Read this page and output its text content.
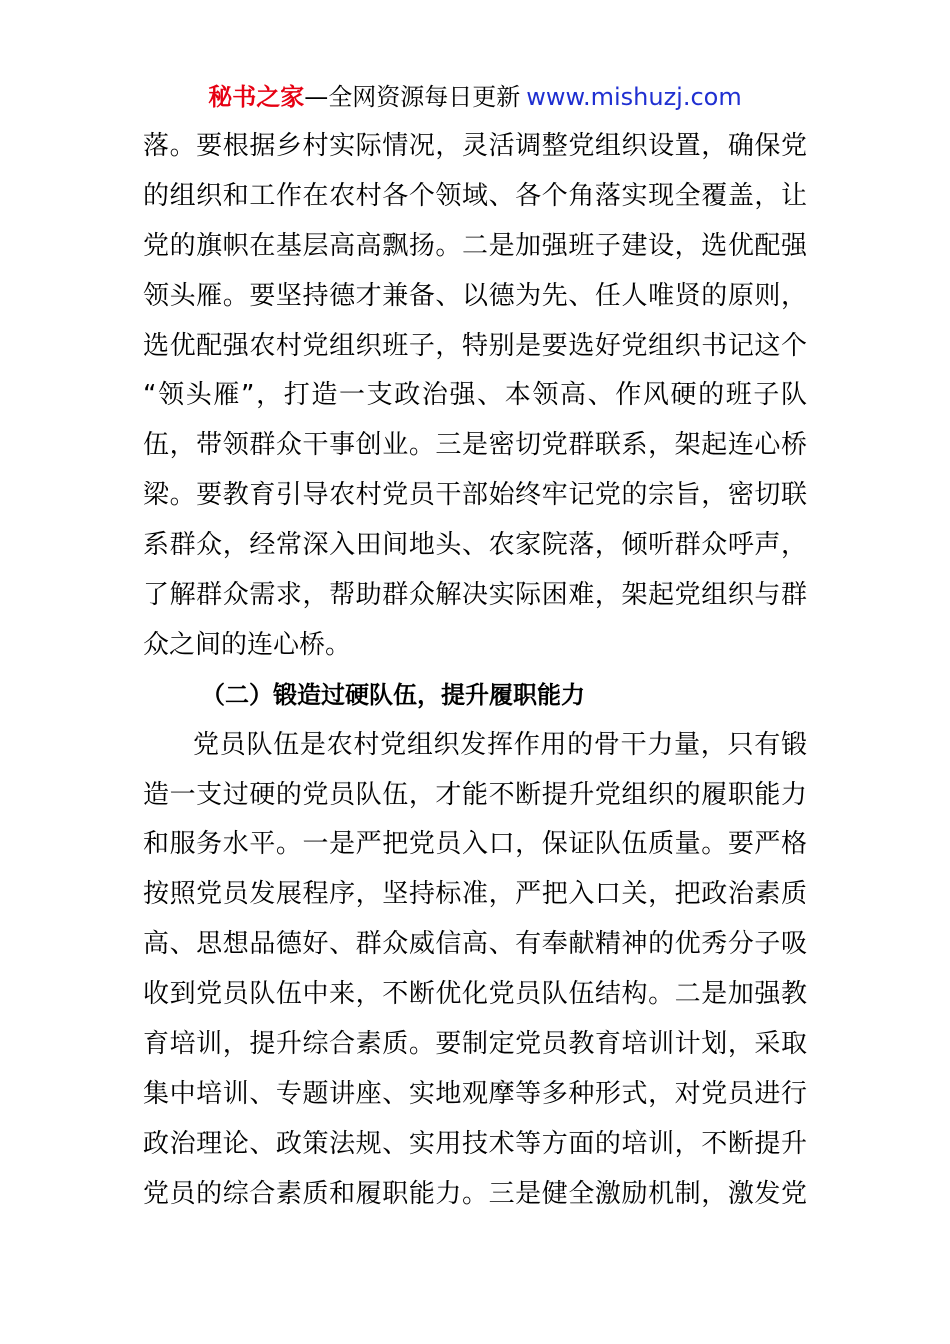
秘书之家—全网资源每日更新 www.mishuzj.com
落。要根据乡村实际情况，灵活调整党组织设置，确保党
的组织和工作在农村各个领域、各个角落实现全覆盖，让
党的旗帜在基层高高飘扬。二是加强班子建设，选优配强
领头雁。要坚持德才兼备、以德为先、任人唯贤的原则，
选优配强农村党组织班子，特别是要选好党组织书记这个
“领头雁”，打造一支政治强、本领高、作风硬的班子队
伍，带领群众干事创业。三是密切党群联系，架起连心桥
梁。要教育引导农村党员干部始终牢记党的宗旨，密切联
系群众，经常深入田间地头、农家院落，倾听群众呼声，
了解群众需求，帮助群众解决实际困难，架起党组织与群
众之间的连心桥。
（二）锻造过硬队伍，提升履职能力
党员队伍是农村党组织发挥作用的骨干力量，只有锻
造一支过硬的党员队伍，才能不断提升党组织的履职能力
和服务水平。一是严把党员入口，保证队伍质量。要严格
按照党员发展程序，坚持标准，严把入口关，把政治素质
高、思想品德好、群众威信高、有奉献精神的优秀分子吸
收到党员队伍中来，不断优化党员队伍结构。二是加强教
育培训，提升综合素质。要制定党员教育培训计划，采取
集中培训、专题讲座、实地观摩等多种形式，对党员进行
政治理论、政策法规、实用技术等方面的培训，不断提升
党员的综合素质和履职能力。三是健全激励机制，激发党
